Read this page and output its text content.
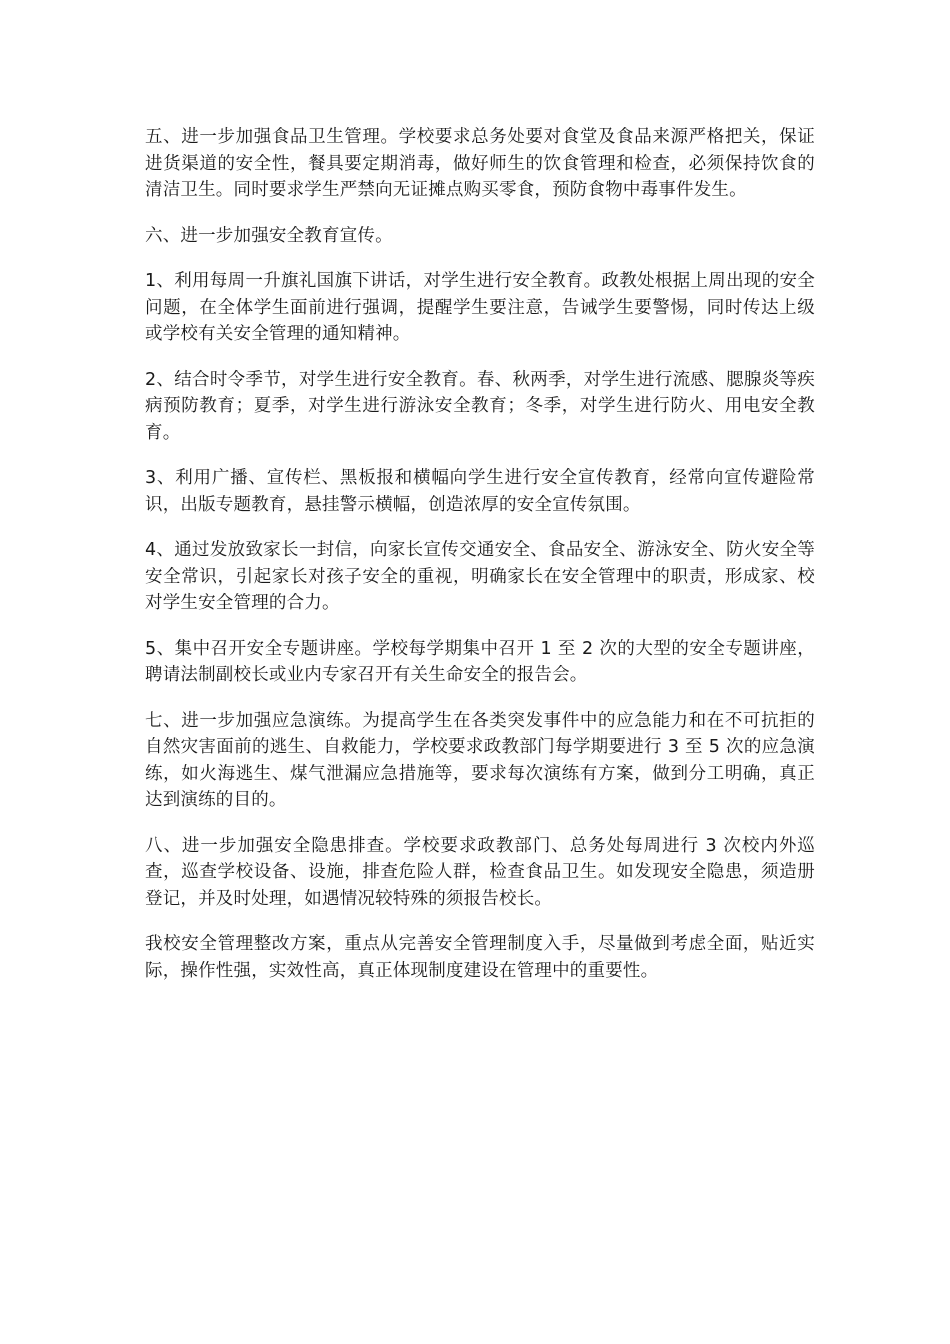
五、进一步加强食品卫生管理。学校要求总务处要对食堂及食品来源严格把关，保证进货渠道的安全性，餐具要定期消毒，做好师生的饮食管理和检查，必须保持饮食的清洁卫生。同时要求学生严禁向无证摊点购买零食，预防食物中毒事件发生。

六、进一步加强安全教育宣传。

1、利用每周一升旗礼国旗下讲话，对学生进行安全教育。政教处根据上周出现的安全问题，在全体学生面前进行强调，提醒学生要注意，告诫学生要警惕，同时传达上级或学校有关安全管理的通知精神。

2、结合时令季节，对学生进行安全教育。春、秋两季，对学生进行流感、腮腺炎等疾病预防教育；夏季，对学生进行游泳安全教育；冬季，对学生进行防火、用电安全教育。

3、利用广播、宣传栏、黑板报和横幅向学生进行安全宣传教育，经常向宣传避险常识，出版专题教育，悬挂警示横幅，创造浓厚的安全宣传氛围。

4、通过发放致家长一封信，向家长宣传交通安全、食品安全、游泳安全、防火安全等安全常识，引起家长对孩子安全的重视，明确家长在安全管理中的职责，形成家、校对学生安全管理的合力。

5、集中召开安全专题讲座。学校每学期集中召开 1 至 2 次的大型的安全专题讲座，聘请法制副校长或业内专家召开有关生命安全的报告会。

七、进一步加强应急演练。为提高学生在各类突发事件中的应急能力和在不可抗拒的自然灾害面前的逃生、自救能力，学校要求政教部门每学期要进行 3 至 5 次的应急演练，如火海逃生、煤气泄漏应急措施等，要求每次演练有方案，做到分工明确，真正达到演练的目的。

八、进一步加强安全隐患排查。学校要求政教部门、总务处每周进行 3 次校内外巡查，巡查学校设备、设施，排查危险人群，检查食品卫生。如发现安全隐患，须造册登记，并及时处理，如遇情况较特殊的须报告校长。

我校安全管理整改方案，重点从完善安全管理制度入手，尽量做到考虑全面，贴近实际，操作性强，实效性高，真正体现制度建设在管理中的重要性。
